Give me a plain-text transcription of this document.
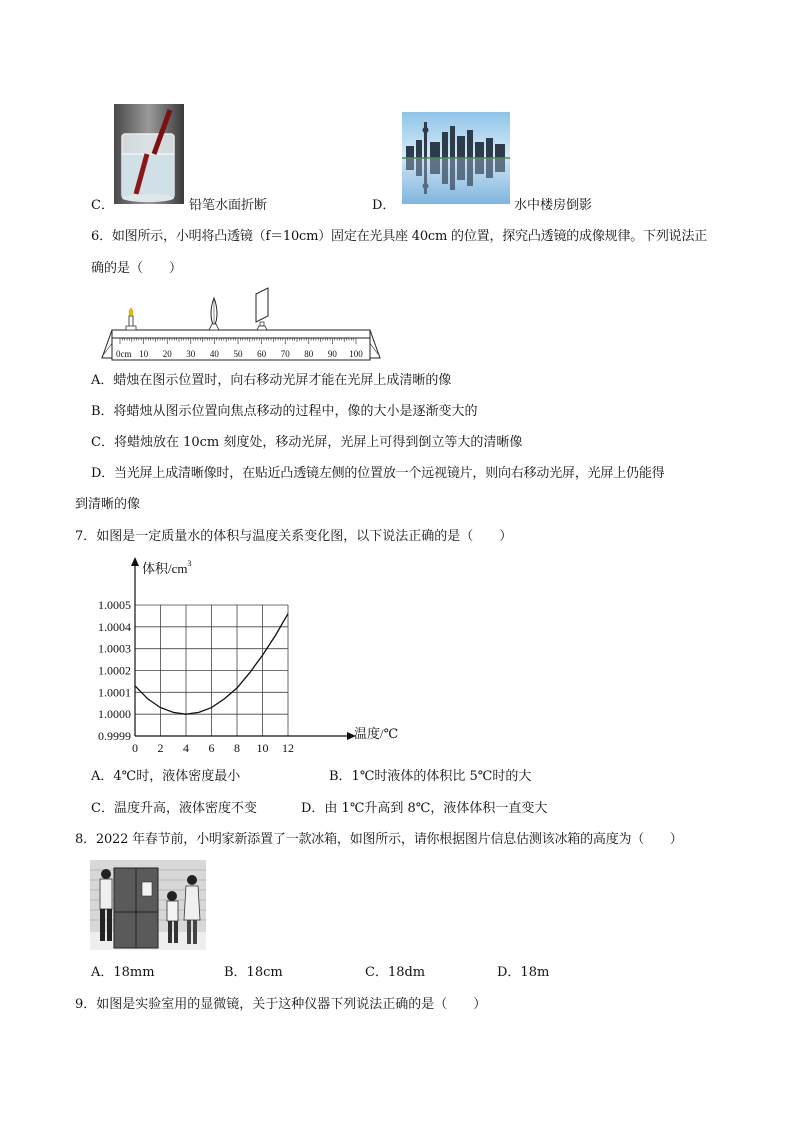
C．	铅笔水面折断	D．	水中楼房倒影
6．如图所示，小明将凸透镜（f＝10cm）固定在光具座 40cm 的位置，探究凸透镜的成像规律。下列说法正
确的是（　　）
0cm 10 20 30 40 50 60 70 80 90 100
A．蜡烛在图示位置时，向右移动光屏才能在光屏上成清晰的像
B．将蜡烛从图示位置向焦点移动的过程中，像的大小是逐渐变大的
C．将蜡烛放在 10cm 刻度处，移动光屏，光屏上可得到倒立等大的清晰像
D．当光屏上成清晰像时，在贴近凸透镜左侧的位置放一个远视镜片，则向右移动光屏，光屏上仍能得
到清晰的像
7．如图是一定质量水的体积与温度关系变化图，以下说法正确的是（　　）
0.9999
1.0000
1.0001
1.0002
1.0003
1.0004
1.0005
0 2 4 6 8 10 12
体积$/cm^3$
温度/℃
A．4℃时，液体密度最小	B．1℃时液体的体积比 5℃时的大
C．温度升高，液体密度不变	D．由 1℃升高到 8℃，液体体积一直变大
8．2022 年春节前，小明家新添置了一款冰箱，如图所示，请你根据图片信息估测该冰箱的高度为（　　）
A．18mm	B．18cm	C．18dm	D．18m
9．如图是实验室用的显微镜，关于这种仪器下列说法正确的是（　　）
